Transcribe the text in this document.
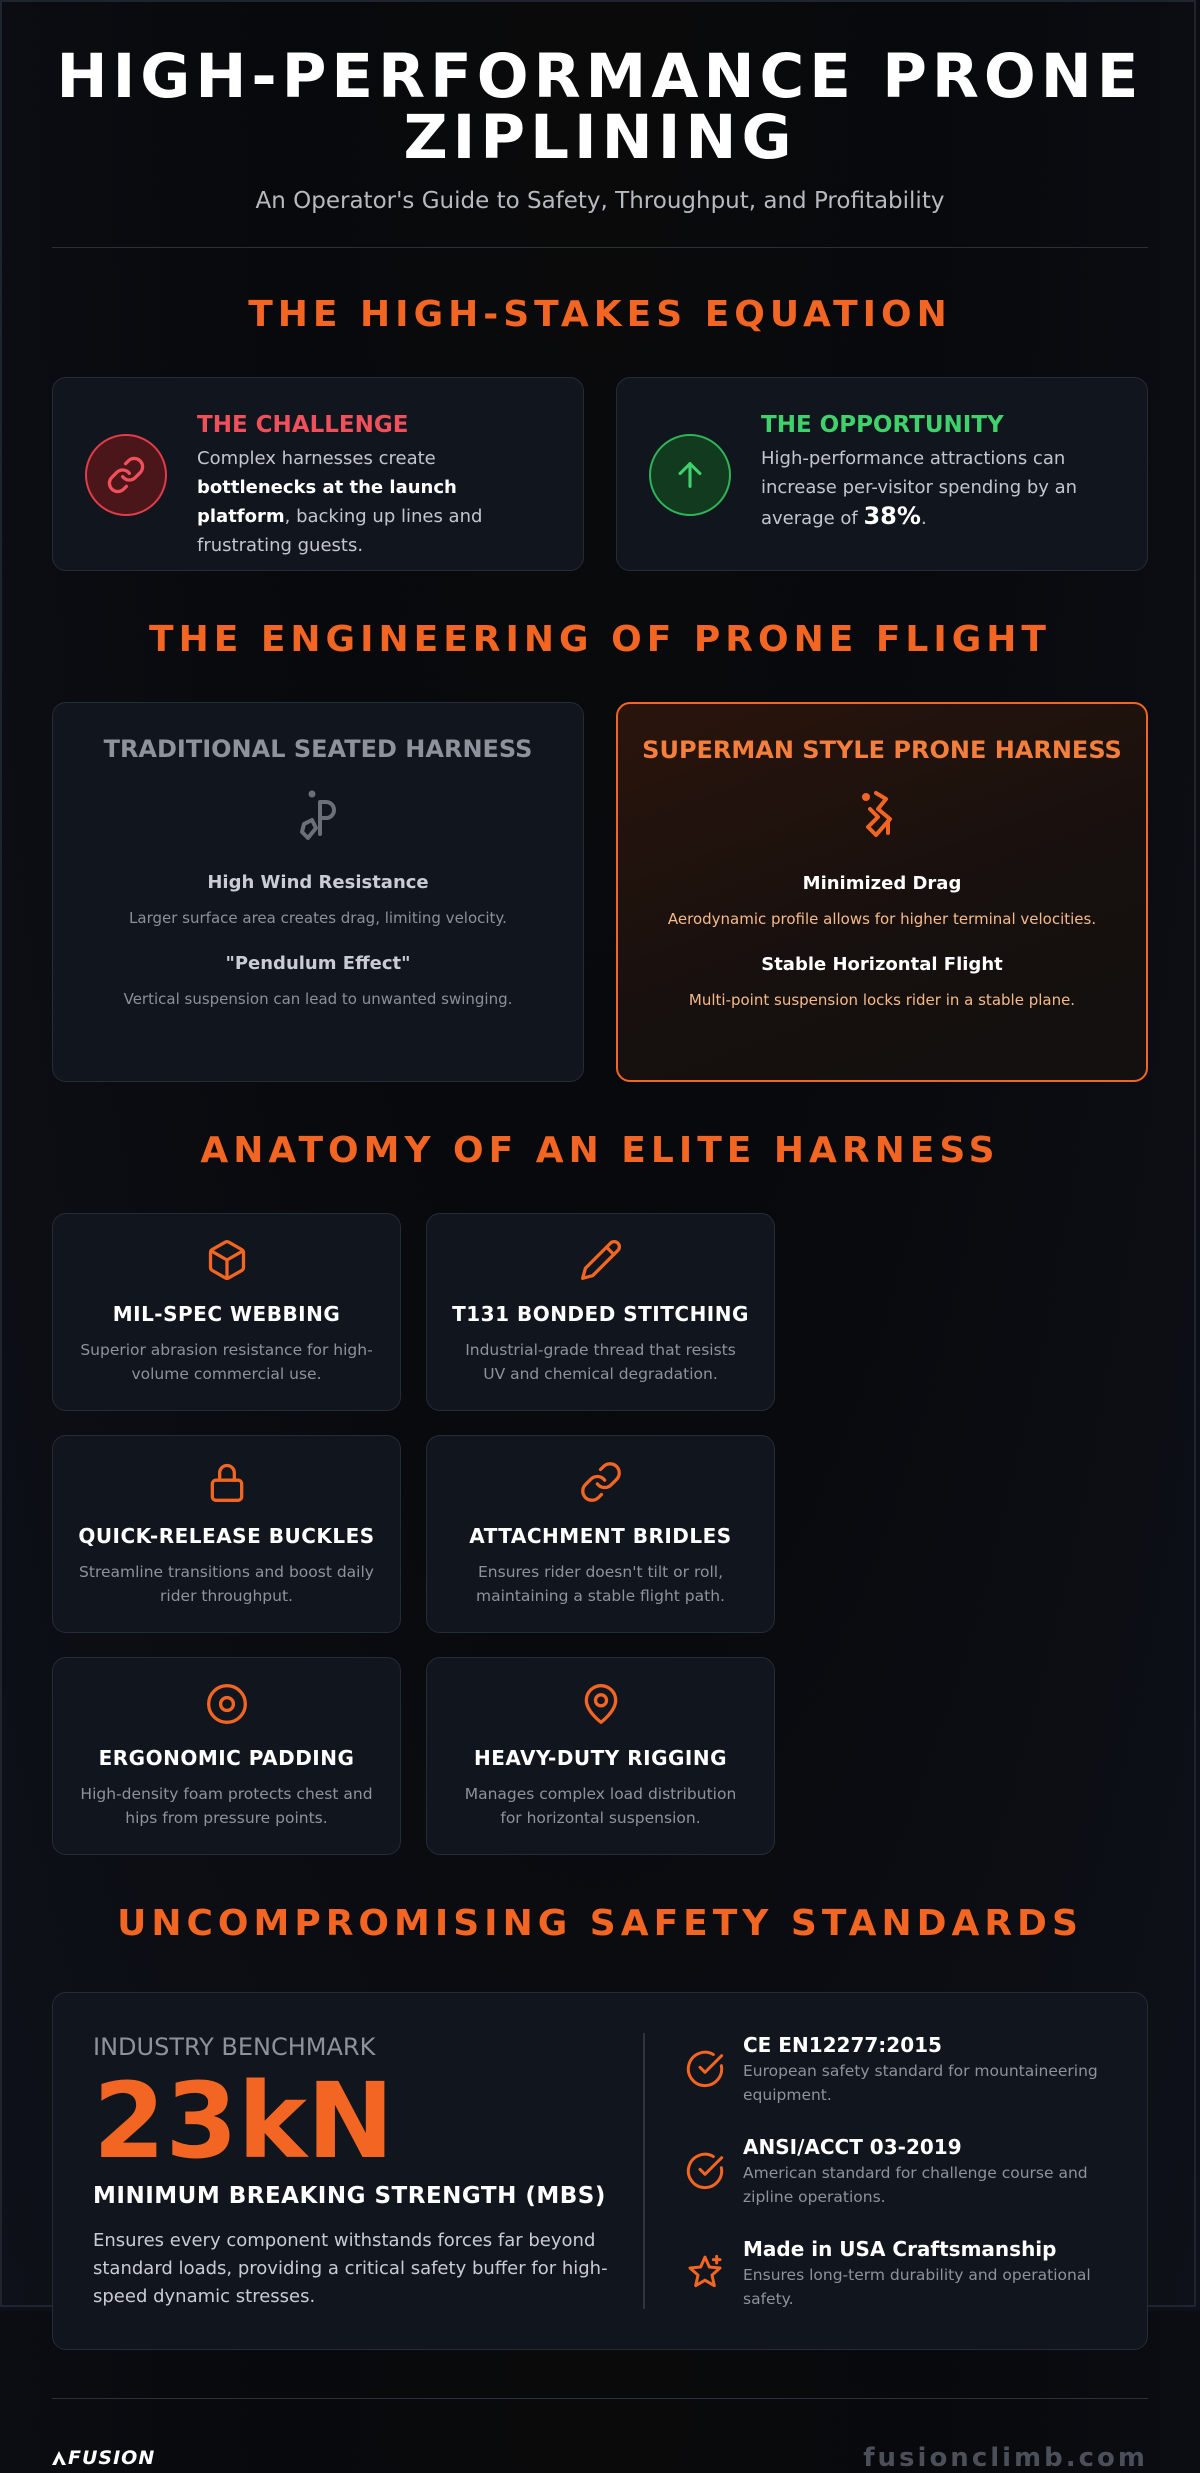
HIGH-PERFORMANCE PRONE ZIPLINING
An Operator's Guide to Safety, Throughput, and Profitability
THE HIGH-STAKES EQUATION
THE CHALLENGE
Complex harnesses create bottlenecks at the launch platform, backing up lines and frustrating guests.
THE OPPORTUNITY
High-performance attractions can increase per-visitor spending by an average of 38%.
THE ENGINEERING OF PRONE FLIGHT
TRADITIONAL SEATED HARNESS
High Wind Resistance
Larger surface area creates drag, limiting velocity.
"Pendulum Effect"
Vertical suspension can lead to unwanted swinging.
SUPERMAN STYLE PRONE HARNESS
Minimized Drag
Aerodynamic profile allows for higher terminal velocities.
Stable Horizontal Flight
Multi-point suspension locks rider in a stable plane.
ANATOMY OF AN ELITE HARNESS
MIL-SPEC WEBBING
Superior abrasion resistance for high-volume commercial use.
T131 BONDED STITCHING
Industrial-grade thread that resists UV and chemical degradation.
QUICK-RELEASE BUCKLES
Streamline transitions and boost daily rider throughput.
ATTACHMENT BRIDLES
Ensures rider doesn't tilt or roll, maintaining a stable flight path.
ERGONOMIC PADDING
High-density foam protects chest and hips from pressure points.
HEAVY-DUTY RIGGING
Manages complex load distribution for horizontal suspension.
UNCOMPROMISING SAFETY STANDARDS
INDUSTRY BENCHMARK
23kN
MINIMUM BREAKING STRENGTH (MBS)
Ensures every component withstands forces far beyond standard loads, providing a critical safety buffer for high-speed dynamic stresses.
CE EN12277:2015
European safety standard for mountaineering equipment.
ANSI/ACCT 03-2019
American standard for challenge course and zipline operations.
Made in USA Craftsmanship
Ensures long-term durability and operational safety.
FUSION	fusionclimb.com
